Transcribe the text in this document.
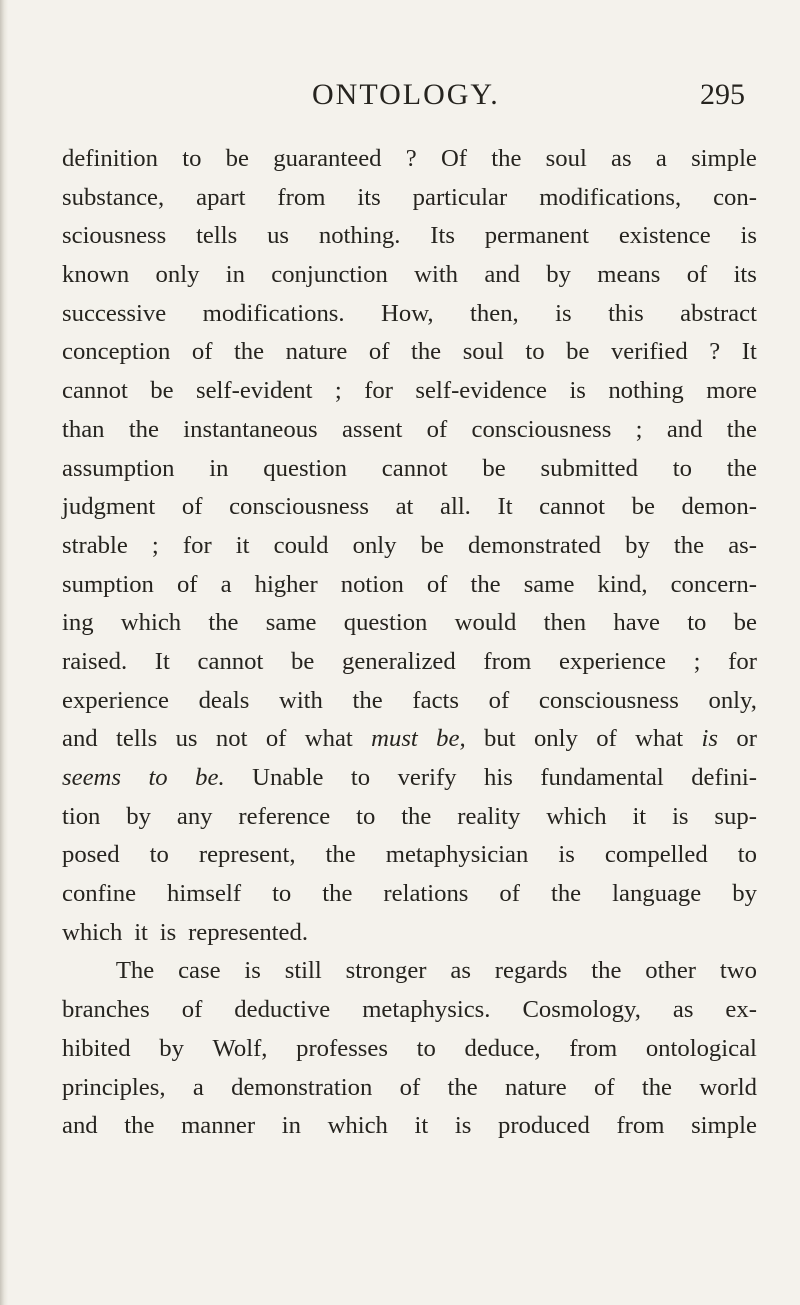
ONTOLOGY.	295
definition to be guaranteed ? Of the soul as a simple
substance, apart from its particular modifications, con-
sciousness tells us nothing. Its permanent existence is
known only in conjunction with and by means of its
successive modifications. How, then, is this abstract
conception of the nature of the soul to be verified ? It
cannot be self-evident ; for self-evidence is nothing more
than the instantaneous assent of consciousness ; and the
assumption in question cannot be submitted to the
judgment of consciousness at all. It cannot be demon-
strable ; for it could only be demonstrated by the as-
sumption of a higher notion of the same kind, concern-
ing which the same question would then have to be
raised. It cannot be generalized from experience ; for
experience deals with the facts of consciousness only,
and tells us not of what must be, but only of what is or
seems to be. Unable to verify his fundamental defini-
tion by any reference to the reality which it is sup-
posed to represent, the metaphysician is compelled to
confine himself to the relations of the language by
which it is represented.
The case is still stronger as regards the other two
branches of deductive metaphysics. Cosmology, as ex-
hibited by Wolf, professes to deduce, from ontological
principles, a demonstration of the nature of the world
and the manner in which it is produced from simple
